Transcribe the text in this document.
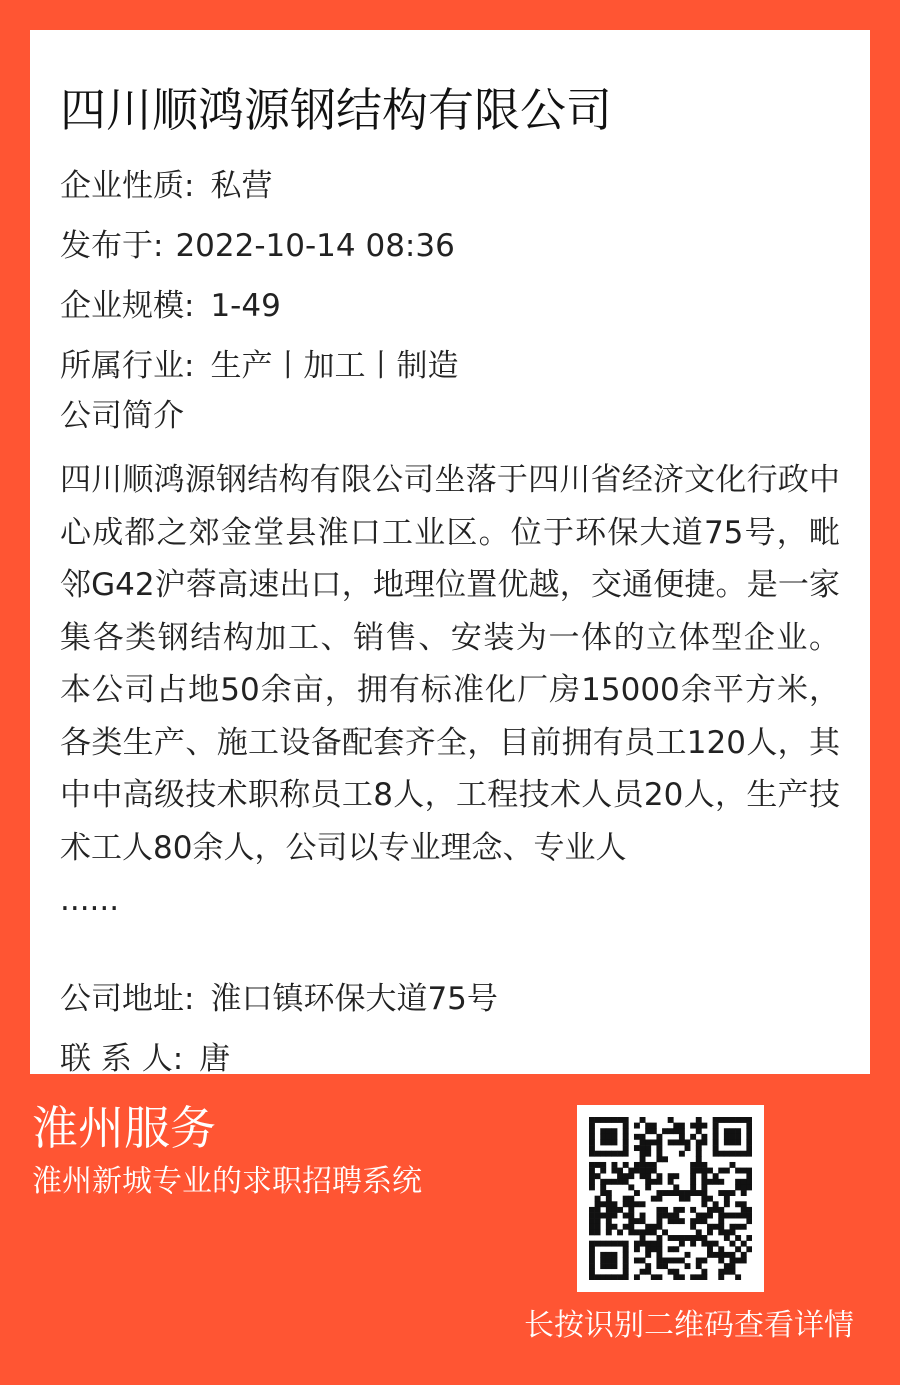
四川顺鸿源钢结构有限公司
企业性质: 私营
发布于: 2022-10-14 08:36
企业规模: 1-49
所属行业: 生产丨加工丨制造
公司简介

四川顺鸿源钢结构有限公司坐落于四川省经济文化行政中心成都之郊金堂县淮口工业区。位于环保大道75号，毗邻G42沪蓉高速出口，地理位置优越，交通便捷。是一家集各类钢结构加工、销售、安装为一体的立体型企业。 本公司占地50余亩，拥有标准化厂房15000余平方米，各类生产、施工设备配套齐全，目前拥有员工120人，其中中高级技术职称员工8人，工程技术人员20人，生产技术工人80余人，公司以专业理念、专业人
......

公司地址: 淮口镇环保大道75号
联 系 人: 唐
淮州服务
淮州新城专业的求职招聘系统
长按识别二维码查看详情
